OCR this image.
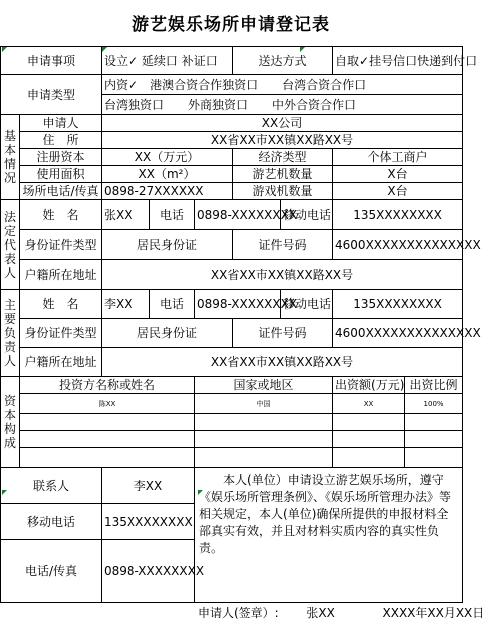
游艺娱乐场所申请登记表
申请事项		设立✓ 延续口 补证口			送达方式		自取✓挂号信口快递到付口	
申请类型		内资✓　港澳合资合作独资口　　台湾合资合作口						
		台湾独资口　　外商独资口　　中外合资合作口						

基本情况	申请人	XX公司						
	住　所	XX省XX市XX镇XX路XX号						
	注册资本	XX（万元）			经济类型		个体工商户	
	使用面积	XX（m²）			游艺机数量		X台	
	场所电话/传真	0898-27XXXXXX			游戏机数量		X台	

法定代表人	姓　名	张XX	电话	0898-XXXXXXXX		移动电话	135XXXXXXXX	
	身份证件类型	居民身份证			证件号码		4600XXXXXXXXXXXXXX	
	户籍所在地址	XX省XX市XX镇XX路XX号						

主要负责人	姓　名	李XX	电话	0898-XXXXXXXX		移动电话	135XXXXXXXX	
	身份证件类型	居民身份证			证件号码		4600XXXXXXXXXXXXXX	
	户籍所在地址	XX省XX市XX镇XX路XX号						

资本构成	投资方名称或姓名			国家或地区			出资额(万元)	出资比例
	陈XX			中国			XX	100%

联系人		李XX		本人(单位）申请设立游艺娱乐场所，遵守《娱乐场所管理条例》、《娱乐场所管理办法》等相关规定，本人(单位)确保所提供的申报材料全部真实有效，并且对材料实质内容的真实性负责。				

移动电话		135XXXXXXXX						
电话/传真		0898-XXXXXXXX						
申请人(签章）: 张XX	XXXX年XX月XX日
